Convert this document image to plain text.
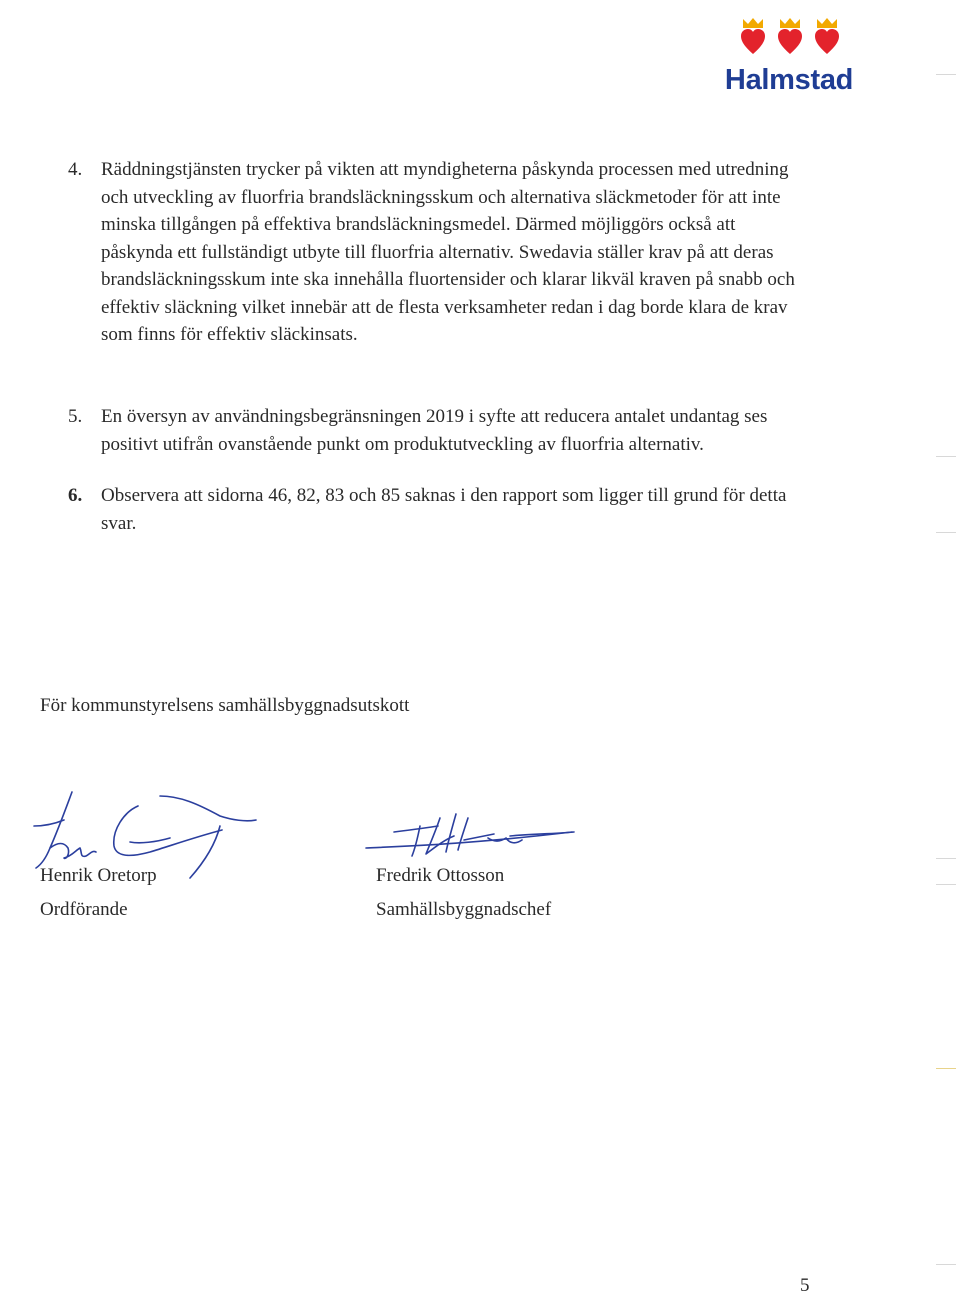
Halmstad
4. Räddningstjänsten trycker på vikten att myndigheterna påskynda processen med utredning och utveckling av fluorfria brandsläckningsskum och alternativa släckmetoder för att inte minska tillgången på effektiva brandsläckningsmedel. Därmed möjliggörs också att påskynda ett fullständigt utbyte till fluorfria alternativ. Swedavia ställer krav på att deras brandsläckningsskum inte ska innehålla fluortensider och klarar likväl kraven på snabb och effektiv släckning vilket innebär att de flesta verksamheter redan i dag borde klara de krav som finns för effektiv släckinsats.
5. En översyn av användningsbegränsningen 2019 i syfte att reducera antalet undantag ses positivt utifrån ovanstående punkt om produktutveckling av fluorfria alternativ.
6. Observera att sidorna 46, 82, 83 och 85 saknas i den rapport som ligger till grund för detta svar.
För kommunstyrelsens samhällsbyggnadsutskott
Henrik Oretorp
Ordförande
Fredrik Ottosson
Samhällsbyggnadschef
5
